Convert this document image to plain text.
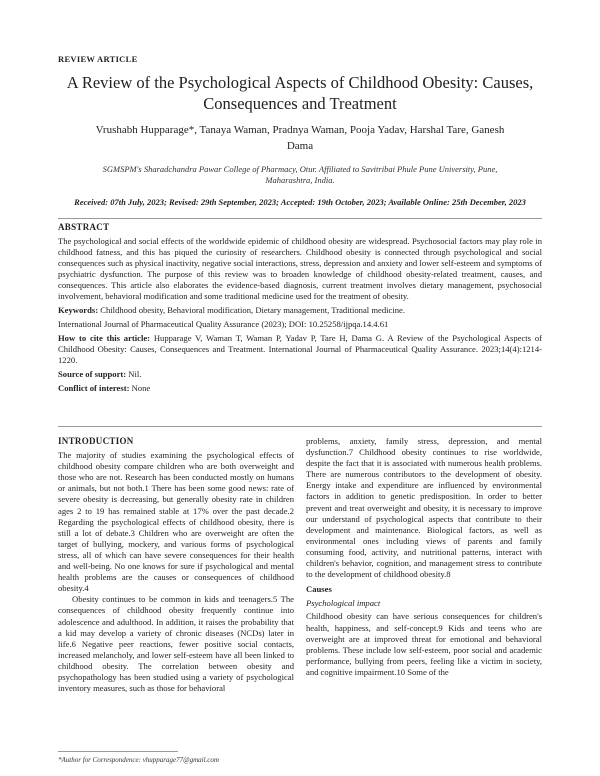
REVIEW ARTICLE
A Review of the Psychological Aspects of Childhood Obesity: Causes, Consequences and Treatment
Vrushabh Hupparage*, Tanaya Waman, Pradnya Waman, Pooja Yadav, Harshal Tare, Ganesh Dama
SGMSPM's Sharadchandra Pawar College of Pharmacy, Otur. Affiliated to Savitribai Phule Pune University, Pune, Maharashtra, India.
Received: 07th July, 2023; Revised: 29th September, 2023; Accepted: 19th October, 2023; Available Online: 25th December, 2023
ABSTRACT

The psychological and social effects of the worldwide epidemic of childhood obesity are widespread. Psychosocial factors may play role in childhood fatness, and this has piqued the curiosity of researchers. Childhood obesity is connected through psychological and social consequences such as physical inactivity, negative social interactions, stress, depression and anxiety and lower self-esteem and symptoms of psychiatric dysfunction. The purpose of this review was to broaden knowledge of childhood obesity-related treatment, causes, and consequences. This article also elaborates the evidence-based diagnosis, current treatment involves dietary management, psychosocial involvement, behavioral modification and some traditional medicine used for the treatment of obesity.

Keywords: Childhood obesity, Behavioral modification, Dietary management, Traditional medicine.
International Journal of Pharmaceutical Quality Assurance (2023); DOI: 10.25258/ijpqa.14.4.61
How to cite this article: Hupparage V, Waman T, Waman P, Yadav P, Tare H, Dama G. A Review of the Psychological Aspects of Childhood Obesity: Causes, Consequences and Treatment. International Journal of Pharmaceutical Quality Assurance. 2023;14(4):1214-1220.
Source of support: Nil.
Conflict of interest: None
INTRODUCTION

The majority of studies examining the psychological effects of childhood obesity compare children who are both overweight and those who are not. Research has been conducted mostly on humans or animals, but not both.1 There has been some good news: rate of severe obesity is decreasing, but generally obesity rate in children ages 2 to 19 has remained stable at 17% over the past decade.2 Regarding the psychological effects of childhood obesity, there is still a lot of debate.3 Children who are overweight are often the target of bullying, mockery, and various forms of psychological stress, all of which can have severe consequences for their health and well-being. No one knows for sure if psychological and mental health problems are the causes or consequences of childhood obesity.4

Obesity continues to be common in kids and teenagers.5 The consequences of childhood obesity frequently continue into adolescence and adulthood. In addition, it raises the probability that a kid may develop a variety of chronic diseases (NCDs) later in life.6 Negative peer reactions, fewer positive social contacts, increased melancholy, and lower self-esteem have all been linked to childhood obesity. The correlation between obesity and psychopathology has been studied using a variety of psychological inventory measures, such as those for behavioral

problems, anxiety, family stress, depression, and mental dysfunction.7 Childhood obesity continues to rise worldwide, despite the fact that it is associated with numerous health problems. There are numerous contributors to the development of obesity. Energy intake and expenditure are influenced by environmental factors in addition to genetic predisposition. In order to better prevent and treat overweight and obesity, it is necessary to improve our understand of psychological aspects that contribute to their development and maintenance. Biological factors, as well as environmental ones including views of parents and family consuming food, activity, and nutritional patterns, interact with children's behavior, cognition, and management stress to contribute to the development of childhood obesity.8

Causes
Psychological impact

Childhood obesity can have serious consequences for children's health, happiness, and self-concept.9 Kids and teens who are overweight are at improved threat for emotional and behavioral problems. These include low self-esteem, poor social and academic performance, bullying from peers, feeling like a victim in society, and cognitive impairment.10 Some of the

*Author for Correspondence: vhupparage77@gmail.com
